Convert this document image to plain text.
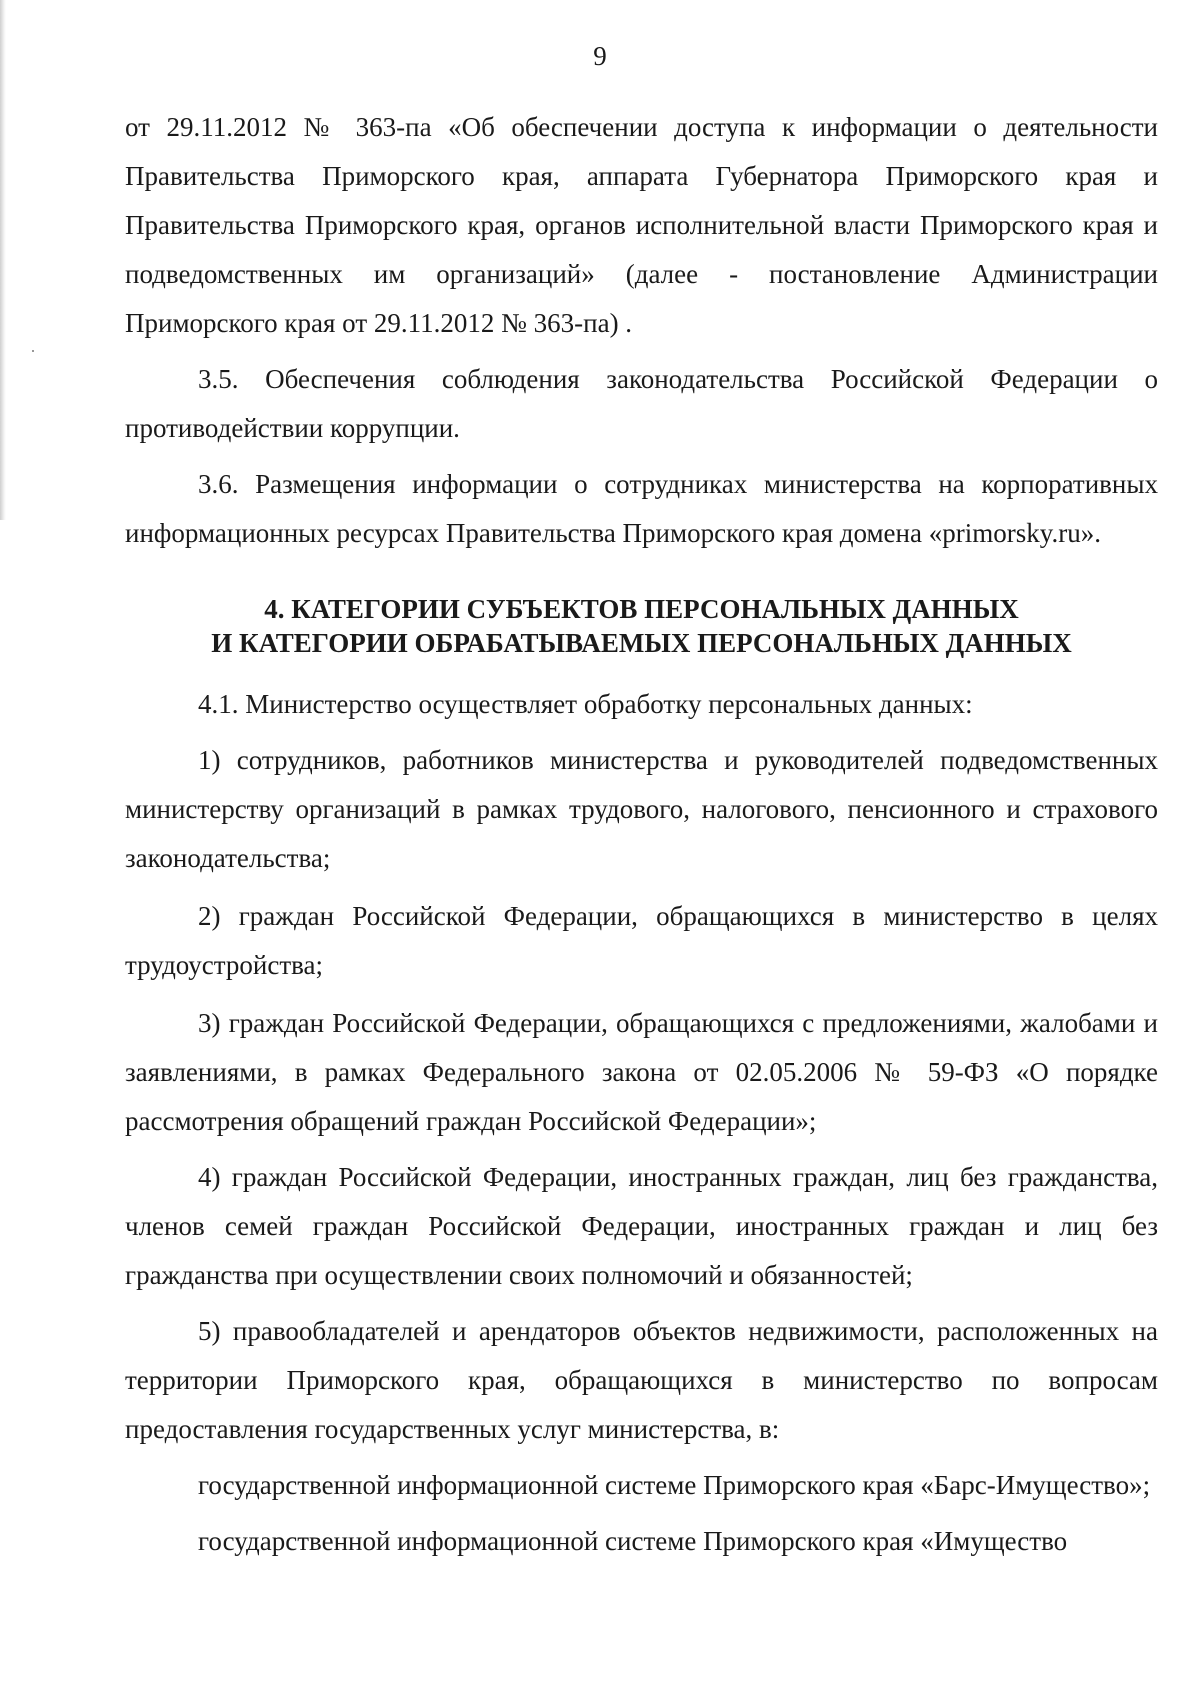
9

от 29.11.2012 № 363-па «Об обеспечении доступа к информации о деятельности Правительства Приморского края, аппарата Губернатора Приморского края и Правительства Приморского края, органов исполнительной власти Приморского края и подведомственных им организаций» (далее - постановление Администрации Приморского края от 29.11.2012 № 363-па) .

3.5. Обеспечения соблюдения законодательства Российской Федерации о противодействии коррупции.

3.6. Размещения информации о сотрудниках министерства на корпоративных информационных ресурсах Правительства Приморского края домена «primorsky.ru».

4. КАТЕГОРИИ СУБЪЕКТОВ ПЕРСОНАЛЬНЫХ ДАННЫХ
И КАТЕГОРИИ ОБРАБАТЫВАЕМЫХ ПЕРСОНАЛЬНЫХ ДАННЫХ

4.1. Министерство осуществляет обработку персональных данных:

1) сотрудников, работников министерства и руководителей подведомственных министерству организаций в рамках трудового, налогового, пенсионного и страхового законодательства;

2) граждан Российской Федерации, обращающихся в министерство в целях трудоустройства;

3) граждан Российской Федерации, обращающихся с предложениями, жалобами и заявлениями, в рамках Федерального закона от 02.05.2006 № 59-ФЗ «О порядке рассмотрения обращений граждан Российской Федерации»;

4) граждан Российской Федерации, иностранных граждан, лиц без гражданства, членов семей граждан Российской Федерации, иностранных граждан и лиц без гражданства при осуществлении своих полномочий и обязанностей;

5) правообладателей и арендаторов объектов недвижимости, расположенных на территории Приморского края, обращающихся в министерство по вопросам предоставления государственных услуг министерства, в:

государственной информационной системе Приморского края «Барс-Имущество»;

государственной информационной системе Приморского края «Имущество
